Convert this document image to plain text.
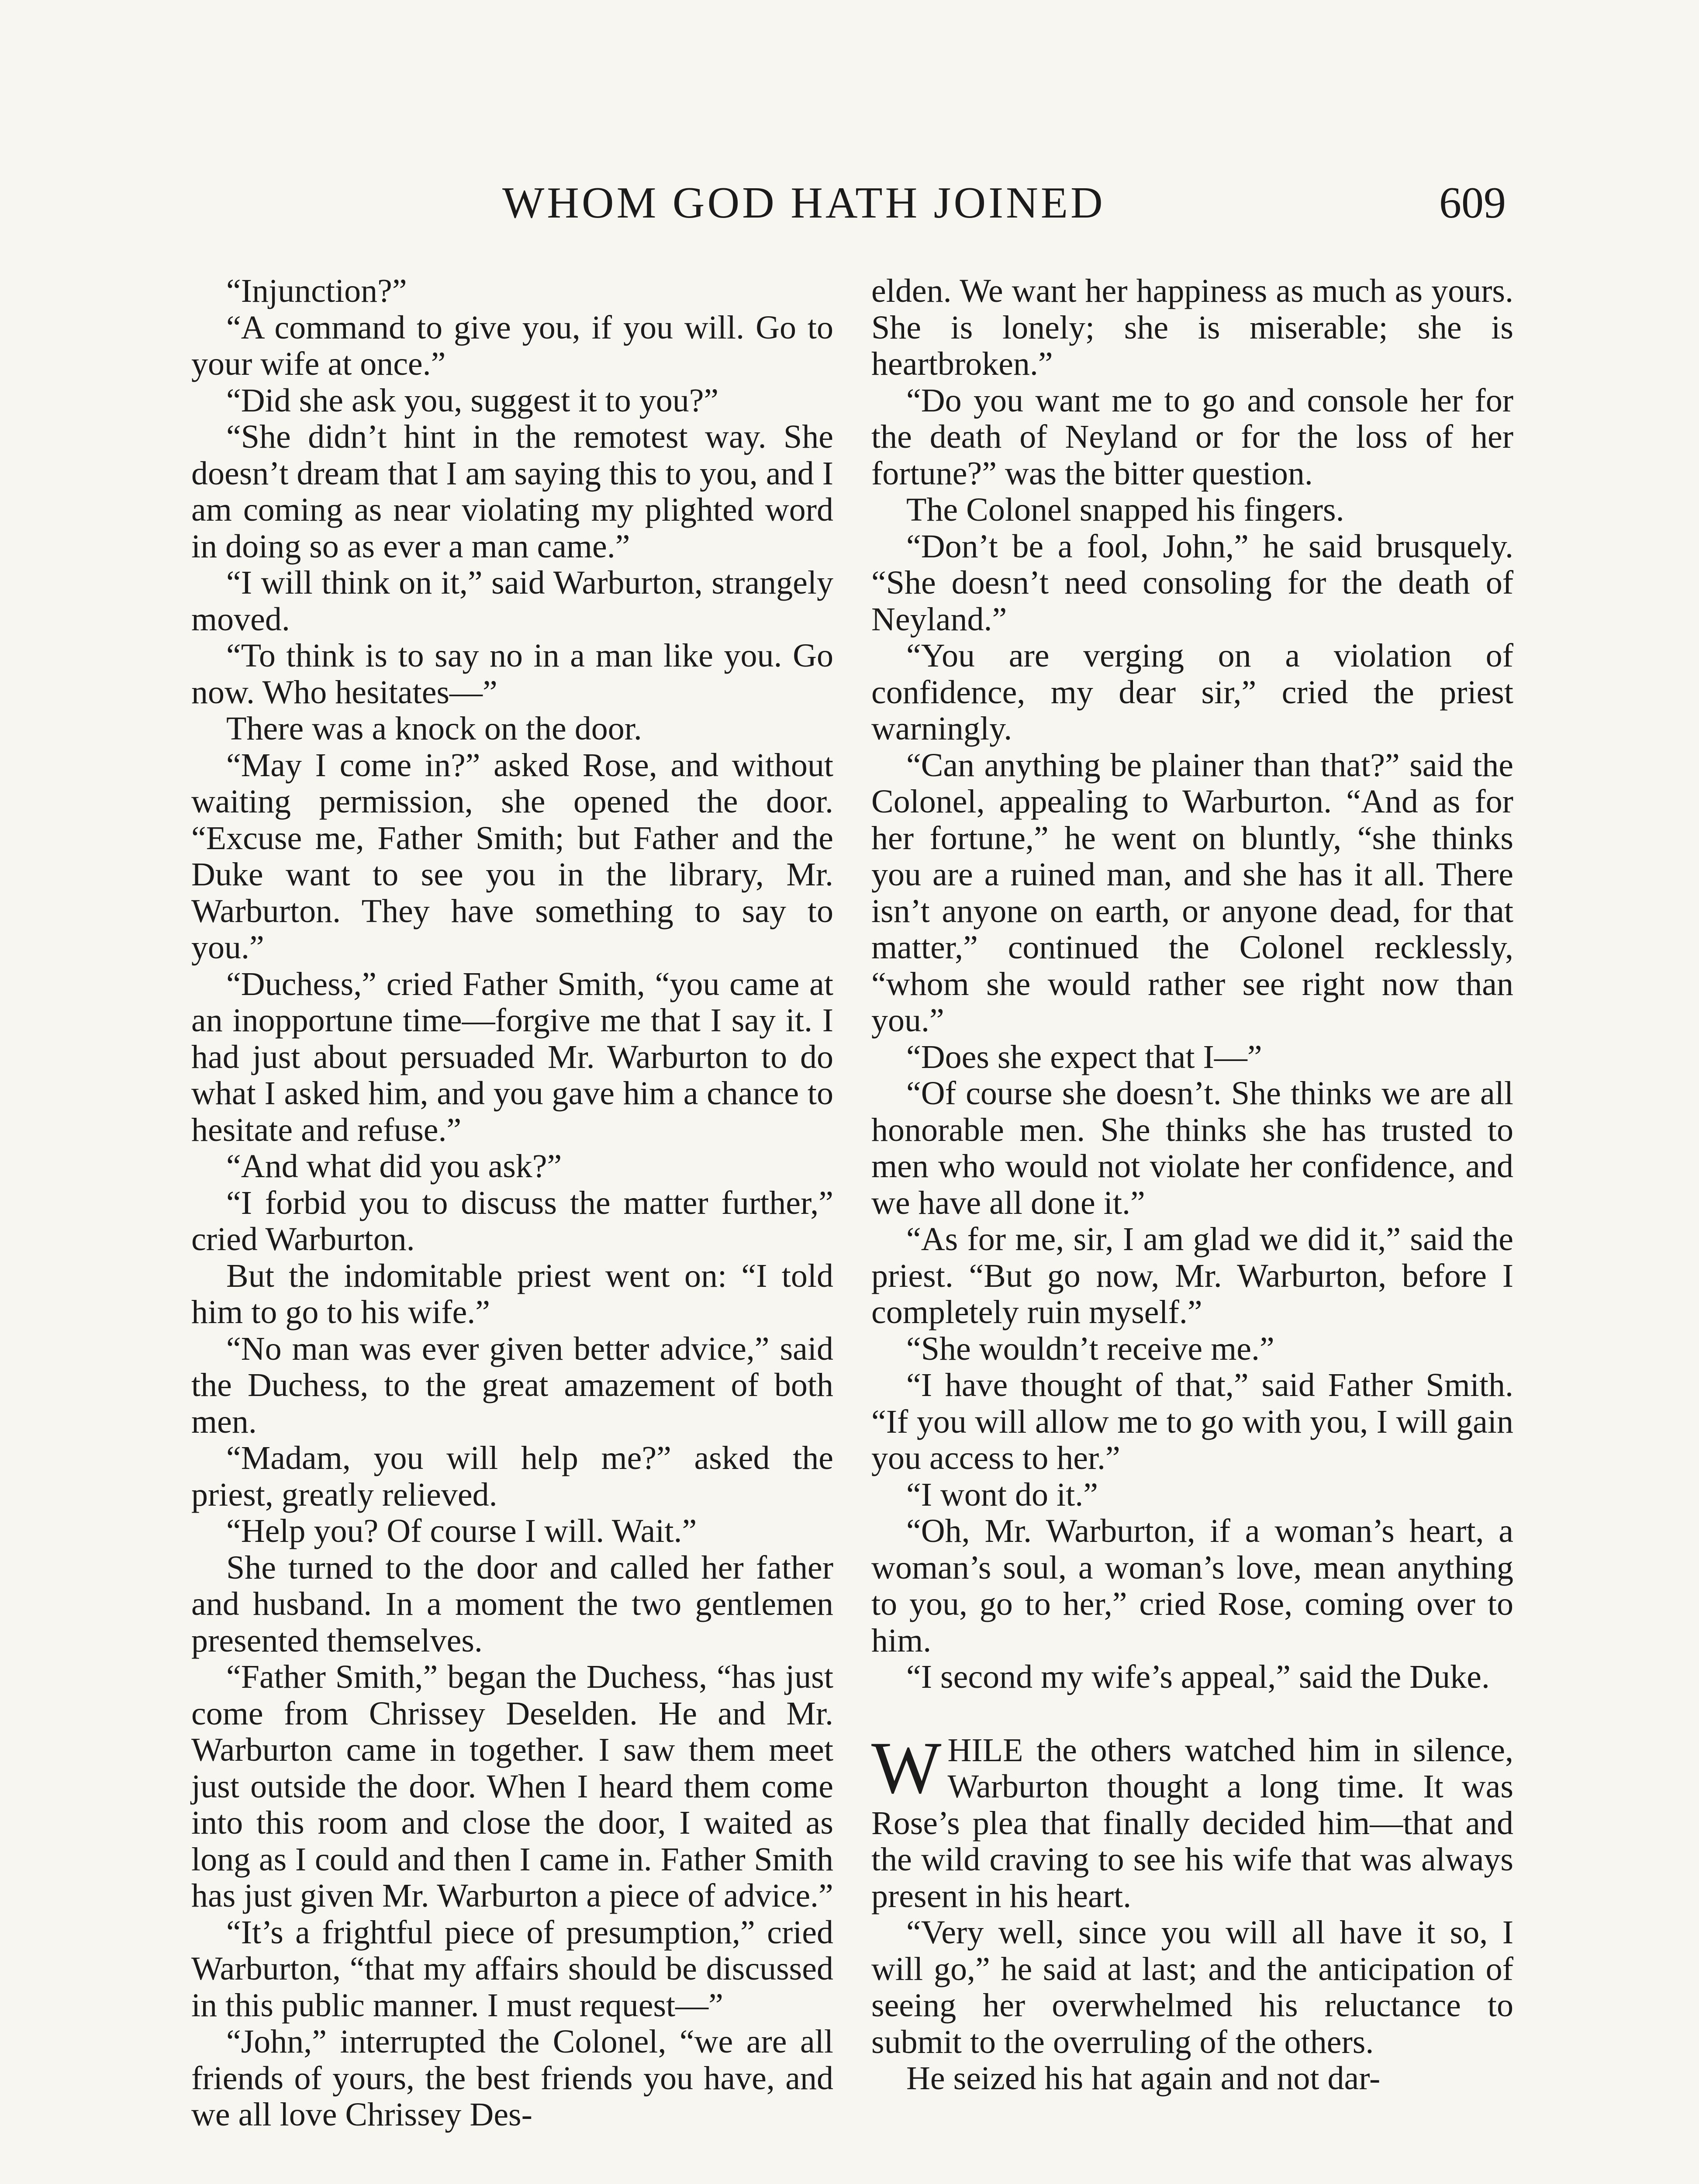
WHOM GOD HATH JOINED	609

“Injunction?”

“A command to give you, if you will. Go to your wife at once.”

“Did she ask you, suggest it to you?”

“She didn’t hint in the remotest way. She doesn’t dream that I am saying this to you, and I am coming as near violating my plighted word in doing so as ever a man came.”

“I will think on it,” said Warburton, strangely moved.

“To think is to say no in a man like you. Go now. Who hesitates—”

There was a knock on the door.

“May I come in?” asked Rose, and without waiting permission, she opened the door. “Excuse me, Father Smith; but Father and the Duke want to see you in the library, Mr. Warburton. They have something to say to you.”

“Duchess,” cried Father Smith, “you came at an inopportune time—forgive me that I say it. I had just about persuaded Mr. Warburton to do what I asked him, and you gave him a chance to hesitate and refuse.”

“And what did you ask?”

“I forbid you to discuss the matter further,” cried Warburton.

But the indomitable priest went on: “I told him to go to his wife.”

“No man was ever given better advice,” said the Duchess, to the great amazement of both men.

“Madam, you will help me?” asked the priest, greatly relieved.

“Help you? Of course I will. Wait.”

She turned to the door and called her father and husband. In a moment the two gentlemen presented themselves.

“Father Smith,” began the Duchess, “has just come from Chrissey Deselden. He and Mr. Warburton came in together. I saw them meet just outside the door. When I heard them come into this room and close the door, I waited as long as I could and then I came in. Father Smith has just given Mr. Warburton a piece of advice.”

“It’s a frightful piece of presumption,” cried Warburton, “that my affairs should be discussed in this public manner. I must request—”

“John,” interrupted the Colonel, “we are all friends of yours, the best friends you have, and we all love Chrissey Des-

elden. We want her happiness as much as yours. She is lonely; she is miserable; she is heartbroken.”

“Do you want me to go and console her for the death of Neyland or for the loss of her fortune?” was the bitter question.

The Colonel snapped his fingers.

“Don’t be a fool, John,” he said brusquely. “She doesn’t need consoling for the death of Neyland.”

“You are verging on a violation of confidence, my dear sir,” cried the priest warningly.

“Can anything be plainer than that?” said the Colonel, appealing to Warburton. “And as for her fortune,” he went on bluntly, “she thinks you are a ruined man, and she has it all. There isn’t anyone on earth, or anyone dead, for that matter,” continued the Colonel recklessly, “whom she would rather see right now than you.”

“Does she expect that I—”

“Of course she doesn’t. She thinks we are all honorable men. She thinks she has trusted to men who would not violate her confidence, and we have all done it.”

“As for me, sir, I am glad we did it,” said the priest. “But go now, Mr. Warburton, before I completely ruin myself.”

“She wouldn’t receive me.”

“I have thought of that,” said Father Smith. “If you will allow me to go with you, I will gain you access to her.”

“I wont do it.”

“Oh, Mr. Warburton, if a woman’s heart, a woman’s soul, a woman’s love, mean anything to you, go to her,” cried Rose, coming over to him.

“I second my wife’s appeal,” said the Duke.

W HILE the others watched him in silence, Warburton thought a long time. It was Rose’s plea that finally decided him—that and the wild craving to see his wife that was always present in his heart.

“Very well, since you will all have it so, I will go,” he said at last; and the anticipation of seeing her overwhelmed his reluctance to submit to the overruling of the others.

He seized his hat again and not dar-
